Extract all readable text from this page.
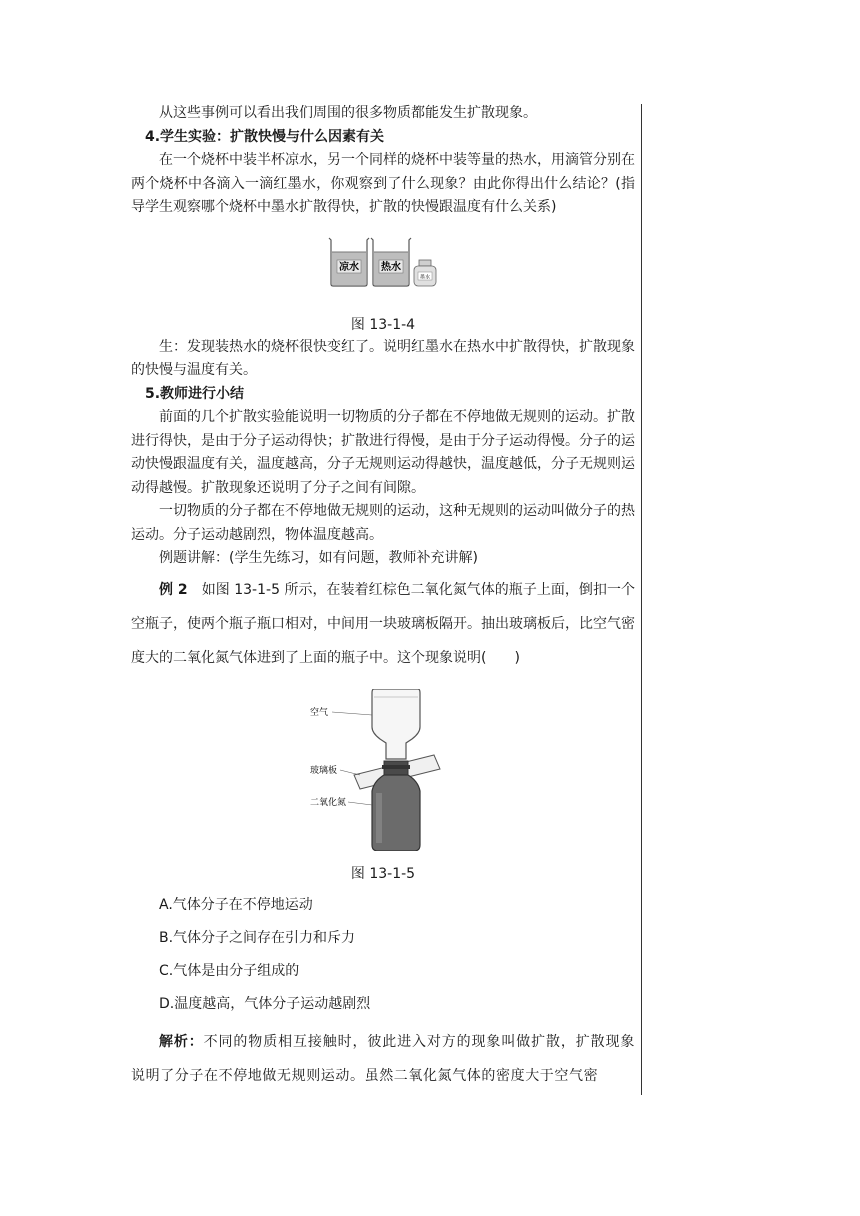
从这些事例可以看出我们周围的很多物质都能发生扩散现象。

4.学生实验：扩散快慢与什么因素有关

在一个烧杯中装半杯凉水，另一个同样的烧杯中装等量的热水，用滴管分别在两个烧杯中各滴入一滴红墨水，你观察到了什么现象？由此你得出什么结论？(指导学生观察哪个烧杯中墨水扩散得快，扩散的快慢跟温度有什么关系)

凉水 热水
墨水
图 13-1-4

生：发现装热水的烧杯很快变红了。说明红墨水在热水中扩散得快，扩散现象的快慢与温度有关。

5.教师进行小结

前面的几个扩散实验能说明一切物质的分子都在不停地做无规则的运动。扩散进行得快，是由于分子运动得快；扩散进行得慢，是由于分子运动得慢。分子的运动快慢跟温度有关，温度越高，分子无规则运动得越快，温度越低，分子无规则运动得越慢。扩散现象还说明了分子之间有间隙。

一切物质的分子都在不停地做无规则的运动，这种无规则的运动叫做分子的热运动。分子运动越剧烈，物体温度越高。

例题讲解：(学生先练习，如有问题，教师补充讲解)

例 2　 如图 13-1-5 所示，在装着红棕色二氧化氮气体的瓶子上面，倒扣一个空瓶子，使两个瓶子瓶口相对，中间用一块玻璃板隔开。抽出玻璃板后，比空气密度大的二氧化氮气体进到了上面的瓶子中。这个现象说明(　　)

空气
玻璃板
二氧化氮
图 13-1-5
A.气体分子在不停地运动
B.气体分子之间存在引力和斥力
C.气体是由分子组成的
D.温度越高，气体分子运动越剧烈

解析：不同的物质相互接触时，彼此进入对方的现象叫做扩散，扩散现象说明了分子在不停地做无规则运动。虽然二氧化氮气体的密度大于空气密
